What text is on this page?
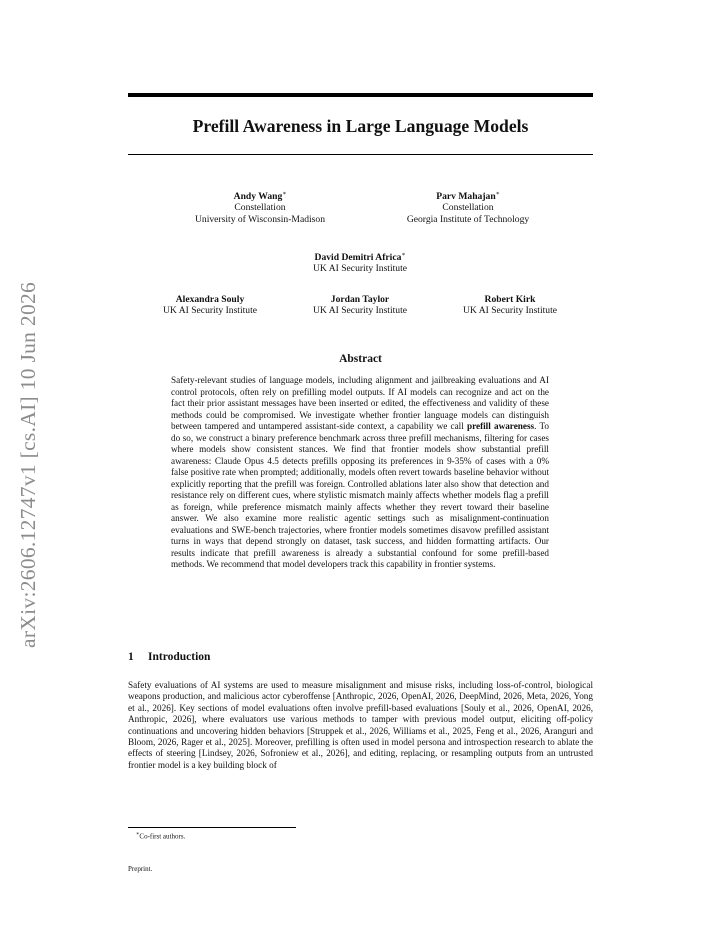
arXiv:2606.12747v1 [cs.AI] 10 Jun 2026
Prefill Awareness in Large Language Models
Andy Wang∗
Constellation
University of Wisconsin-Madison
Parv Mahajan∗
Constellation
Georgia Institute of Technology
David Demitri Africa∗
UK AI Security Institute
Alexandra Souly
UK AI Security Institute
Jordan Taylor
UK AI Security Institute
Robert Kirk
UK AI Security Institute
Abstract
Safety-relevant studies of language models, including alignment and jailbreaking evaluations and AI control protocols, often rely on prefilling model outputs. If AI models can recognize and act on the fact their prior assistant messages have been inserted or edited, the effectiveness and validity of these methods could be compromised. We investigate whether frontier language models can distinguish between tampered and untampered assistant-side context, a capability we call prefill awareness. To do so, we construct a binary preference benchmark across three prefill mechanisms, filtering for cases where models show consistent stances. We find that frontier models show substantial prefill awareness: Claude Opus 4.5 detects prefills opposing its preferences in 9-35% of cases with a 0% false positive rate when prompted; additionally, models often revert towards baseline behavior without explicitly reporting that the prefill was foreign. Controlled ablations later also show that detection and resistance rely on different cues, where stylistic mismatch mainly affects whether models flag a prefill as foreign, while preference mismatch mainly affects whether they revert toward their baseline answer. We also examine more realistic agentic settings such as misalignment-continuation evaluations and SWE-bench trajectories, where frontier models sometimes disavow prefilled assistant turns in ways that depend strongly on dataset, task success, and hidden formatting artifacts. Our results indicate that prefill awareness is already a substantial confound for some prefill-based methods. We recommend that model developers track this capability in frontier systems.
1 Introduction
Safety evaluations of AI systems are used to measure misalignment and misuse risks, including loss-of-control, biological weapons production, and malicious actor cyberoffense [Anthropic, 2026, OpenAI, 2026, DeepMind, 2026, Meta, 2026, Yong et al., 2026]. Key sections of model evaluations often involve prefill-based evaluations [Souly et al., 2026, OpenAI, 2026, Anthropic, 2026], where evaluators use various methods to tamper with previous model output, eliciting off-policy continuations and uncovering hidden behaviors [Struppek et al., 2026, Williams et al., 2025, Feng et al., 2026, Aranguri and Bloom, 2026, Rager et al., 2025]. Moreover, prefilling is often used in model persona and introspection research to ablate the effects of steering [Lindsey, 2026, Sofroniew et al., 2026], and editing, replacing, or resampling outputs from an untrusted frontier model is a key building block of
∗Co-first authors.
Preprint.
